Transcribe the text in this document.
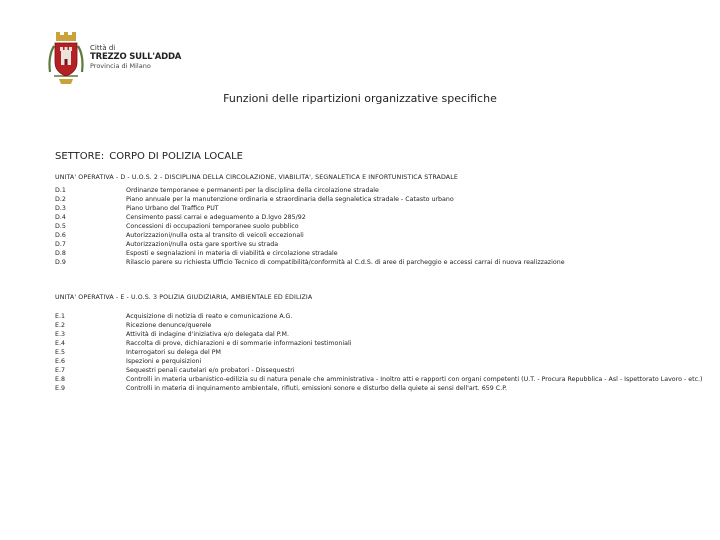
Città di
TREZZO SULL'ADDA
Provincia di Milano
Funzioni delle ripartizioni organizzative specifiche
SETTORE: CORPO DI POLIZIA LOCALE
UNITA' OPERATIVA - D - U.O.S. 2 - DISCIPLINA DELLA CIRCOLAZIONE, VIABILITA', SEGNALETICA E INFORTUNISTICA STRADALE
D.1	Ordinanze temporanee e permanenti per la disciplina della circolazione stradale
D.2	Piano annuale per la manutenzione ordinaria e straordinaria della segnaletica stradale - Catasto urbano
D.3	Piano Urbano del Traffico PUT
D.4	Censimento passi carrai e adeguamento a D.lgvo 285/92
D.5	Concessioni di occupazioni temporanee suolo pubblico
D.6	Autorizzazioni/nulla osta al transito di veicoli eccezionali
D.7	Autorizzazioni/nulla osta gare sportive su strada
D.8	Esposti e segnalazioni in materia di viabilità e circolazione stradale
D.9	Rilascio parere su richiesta Ufficio Tecnico di compatibilità/conformità al C.d.S. di aree di parcheggio e accessi carrai di nuova realizzazione
UNITA' OPERATIVA - E - U.O.S. 3 POLIZIA GIUDIZIARIA, AMBIENTALE ED EDILIZIA
E.1	Acquisizione di notizia di reato e comunicazione A.G.
E.2	Ricezione denunce/querele
E.3	Attività di indagine d'iniziativa e/o delegata dal P.M.
E.4	Raccolta di prove, dichiarazioni e di sommarie informazioni testimoniali
E.5	Interrogatori su delega del PM
E.6	Ispezioni e perquisizioni
E.7	Sequestri penali cautelari e/o probatori - Dissequestri
E.8	Controlli in materia urbanistico-edilizia su di natura penale che amministrativa - Inoltro atti e rapporti con organi competenti (U.T. - Procura Repubblica - Asl - Ispettorato Lavoro - etc.)
E.9	Controlli in materia di inquinamento ambientale, rifiuti, emissioni sonore e disturbo della quiete ai sensi dell'art. 659 C.P.
